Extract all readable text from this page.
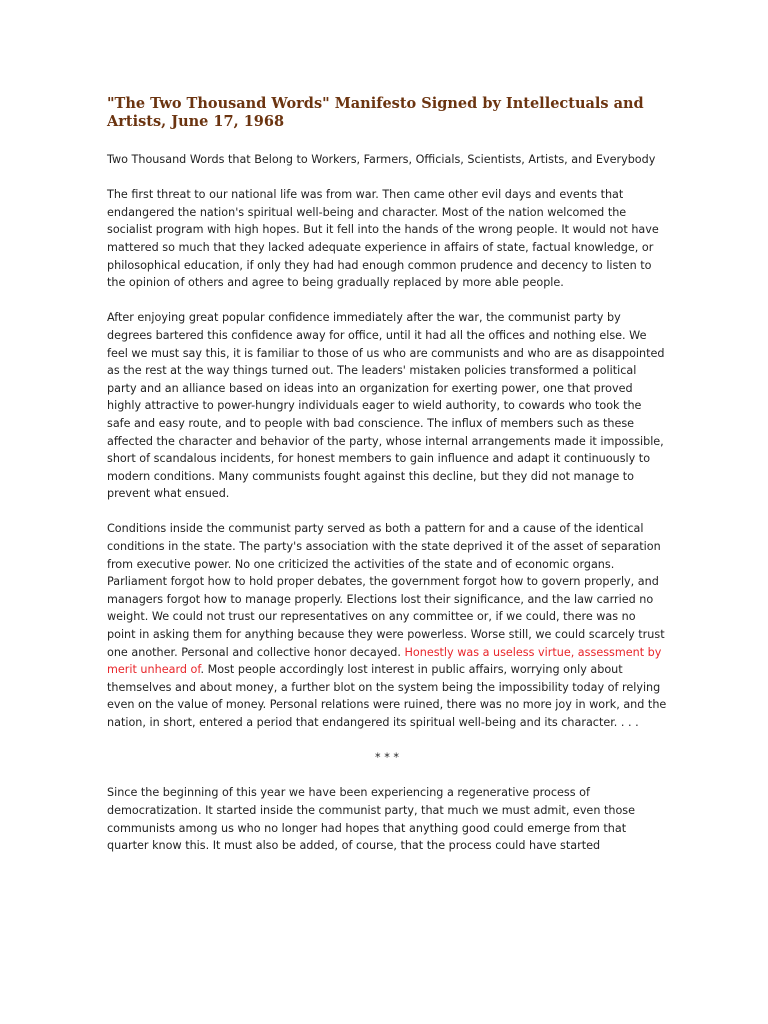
"The Two Thousand Words" Manifesto Signed by Intellectuals and Artists, June 17, 1968

Two Thousand Words that Belong to Workers, Farmers, Officials, Scientists, Artists, and Everybody

The first threat to our national life was from war. Then came other evil days and events that endangered the nation's spiritual well-being and character. Most of the nation welcomed the socialist program with high hopes. But it fell into the hands of the wrong people. It would not have mattered so much that they lacked adequate experience in affairs of state, factual knowledge, or philosophical education, if only they had had enough common prudence and decency to listen to the opinion of others and agree to being gradually replaced by more able people.

After enjoying great popular confidence immediately after the war, the communist party by degrees bartered this confidence away for office, until it had all the offices and nothing else. We feel we must say this, it is familiar to those of us who are communists and who are as disappointed as the rest at the way things turned out. The leaders' mistaken policies transformed a political party and an alliance based on ideas into an organization for exerting power, one that proved highly attractive to power-hungry individuals eager to wield authority, to cowards who took the safe and easy route, and to people with bad conscience. The influx of members such as these affected the character and behavior of the party, whose internal arrangements made it impossible, short of scandalous incidents, for honest members to gain influence and adapt it continuously to modern conditions. Many communists fought against this decline, but they did not manage to prevent what ensued.

Conditions inside the communist party served as both a pattern for and a cause of the identical conditions in the state. The party's association with the state deprived it of the asset of separation from executive power. No one criticized the activities of the state and of economic organs. Parliament forgot how to hold proper debates, the government forgot how to govern properly, and managers forgot how to manage properly. Elections lost their significance, and the law carried no weight. We could not trust our representatives on any committee or, if we could, there was no point in asking them for anything because they were powerless. Worse still, we could scarcely trust one another. Personal and collective honor decayed. Honestly was a useless virtue, assessment by merit unheard of. Most people accordingly lost interest in public affairs, worrying only about themselves and about money, a further blot on the system being the impossibility today of relying even on the value of money. Personal relations were ruined, there was no more joy in work, and the nation, in short, entered a period that endangered its spiritual well-being and its character. . . .

* * *

Since the beginning of this year we have been experiencing a regenerative process of democratization. It started inside the communist party, that much we must admit, even those communists among us who no longer had hopes that anything good could emerge from that quarter know this. It must also be added, of course, that the process could have started
